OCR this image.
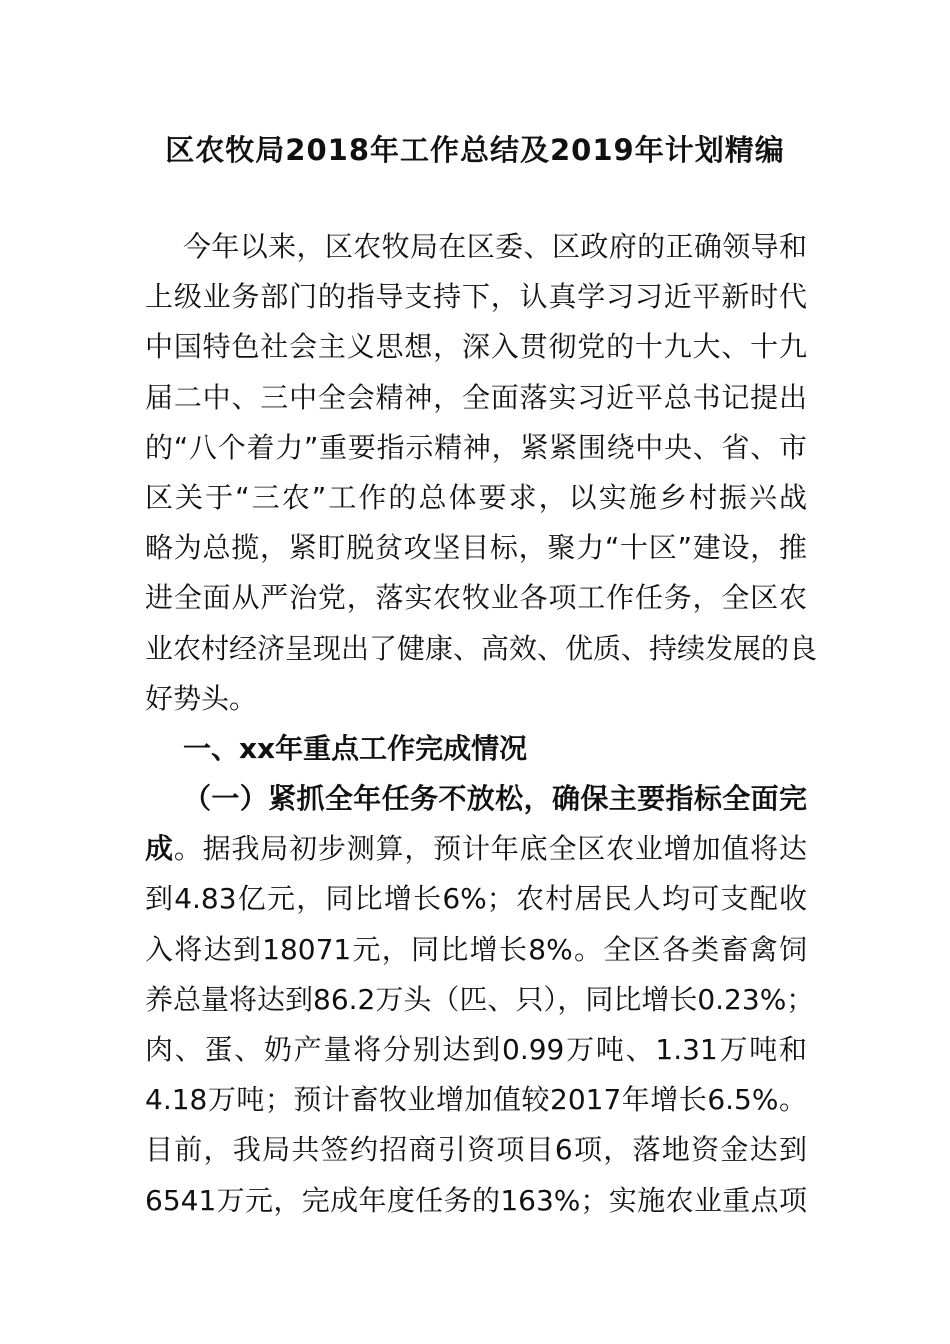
区农牧局2018年工作总结及2019年计划精编
今年以来，区农牧局在区委、区政府的正确领导和
上级业务部门的指导支持下，认真学习习近平新时代
中国特色社会主义思想，深入贯彻党的十九大、十九
届二中、三中全会精神，全面落实习近平总书记提出
的“八个着力”重要指示精神，紧紧围绕中央、省、市
区关于“三农”工作的总体要求，以实施乡村振兴战
略为总揽，紧盯脱贫攻坚目标，聚力“十区”建设，推
进全面从严治党，落实农牧业各项工作任务，全区农
业农村经济呈现出了健康、高效、优质、持续发展的良
好势头。
一、xx年重点工作完成情况
（一）紧抓全年任务不放松，确保主要指标全面完
成。据我局初步测算，预计年底全区农业增加值将达
到4.83亿元，同比增长6%；农村居民人均可支配收
入将达到18071元，同比增长8%。全区各类畜禽饲
养总量将达到86.2万头（匹、只），同比增长0.23%；
肉、蛋、奶产量将分别达到0.99万吨、1.31万吨和
4.18万吨；预计畜牧业增加值较2017年增长6.5%。
目前，我局共签约招商引资项目6项，落地资金达到
6541万元，完成年度任务的163%；实施农业重点项
